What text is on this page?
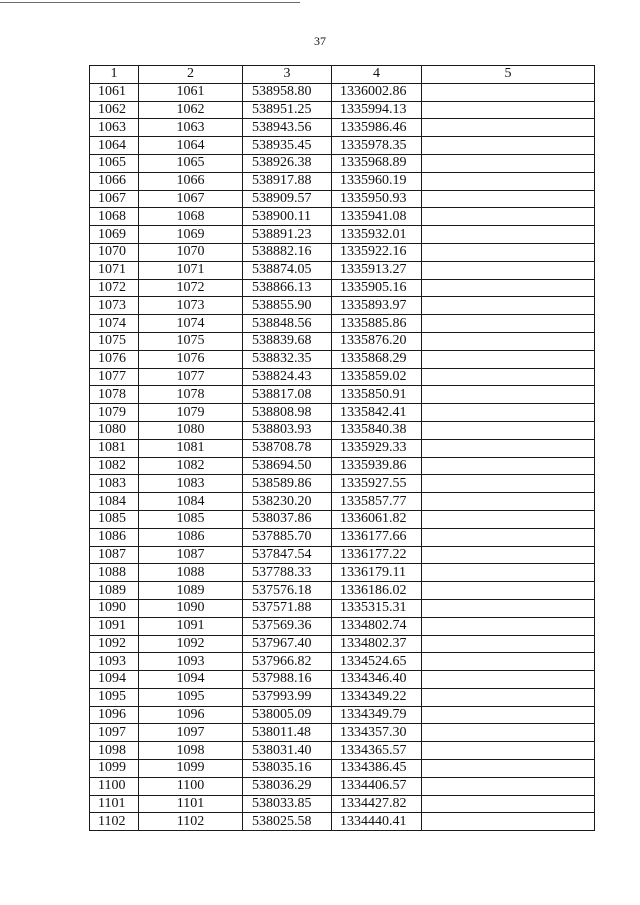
37
1	2	3	4	5
1061	1061	538958.80	1336002.86	
1062	1062	538951.25	1335994.13	
1063	1063	538943.56	1335986.46	
1064	1064	538935.45	1335978.35	
1065	1065	538926.38	1335968.89	
1066	1066	538917.88	1335960.19	
1067	1067	538909.57	1335950.93	
1068	1068	538900.11	1335941.08	
1069	1069	538891.23	1335932.01	
1070	1070	538882.16	1335922.16	
1071	1071	538874.05	1335913.27	
1072	1072	538866.13	1335905.16	
1073	1073	538855.90	1335893.97	
1074	1074	538848.56	1335885.86	
1075	1075	538839.68	1335876.20	
1076	1076	538832.35	1335868.29	
1077	1077	538824.43	1335859.02	
1078	1078	538817.08	1335850.91	
1079	1079	538808.98	1335842.41	
1080	1080	538803.93	1335840.38	
1081	1081	538708.78	1335929.33	
1082	1082	538694.50	1335939.86	
1083	1083	538589.86	1335927.55	
1084	1084	538230.20	1335857.77	
1085	1085	538037.86	1336061.82	
1086	1086	537885.70	1336177.66	
1087	1087	537847.54	1336177.22	
1088	1088	537788.33	1336179.11	
1089	1089	537576.18	1336186.02	
1090	1090	537571.88	1335315.31	
1091	1091	537569.36	1334802.74	
1092	1092	537967.40	1334802.37	
1093	1093	537966.82	1334524.65	
1094	1094	537988.16	1334346.40	
1095	1095	537993.99	1334349.22	
1096	1096	538005.09	1334349.79	
1097	1097	538011.48	1334357.30	
1098	1098	538031.40	1334365.57	
1099	1099	538035.16	1334386.45	
1100	1100	538036.29	1334406.57	
1101	1101	538033.85	1334427.82	
1102	1102	538025.58	1334440.41	
